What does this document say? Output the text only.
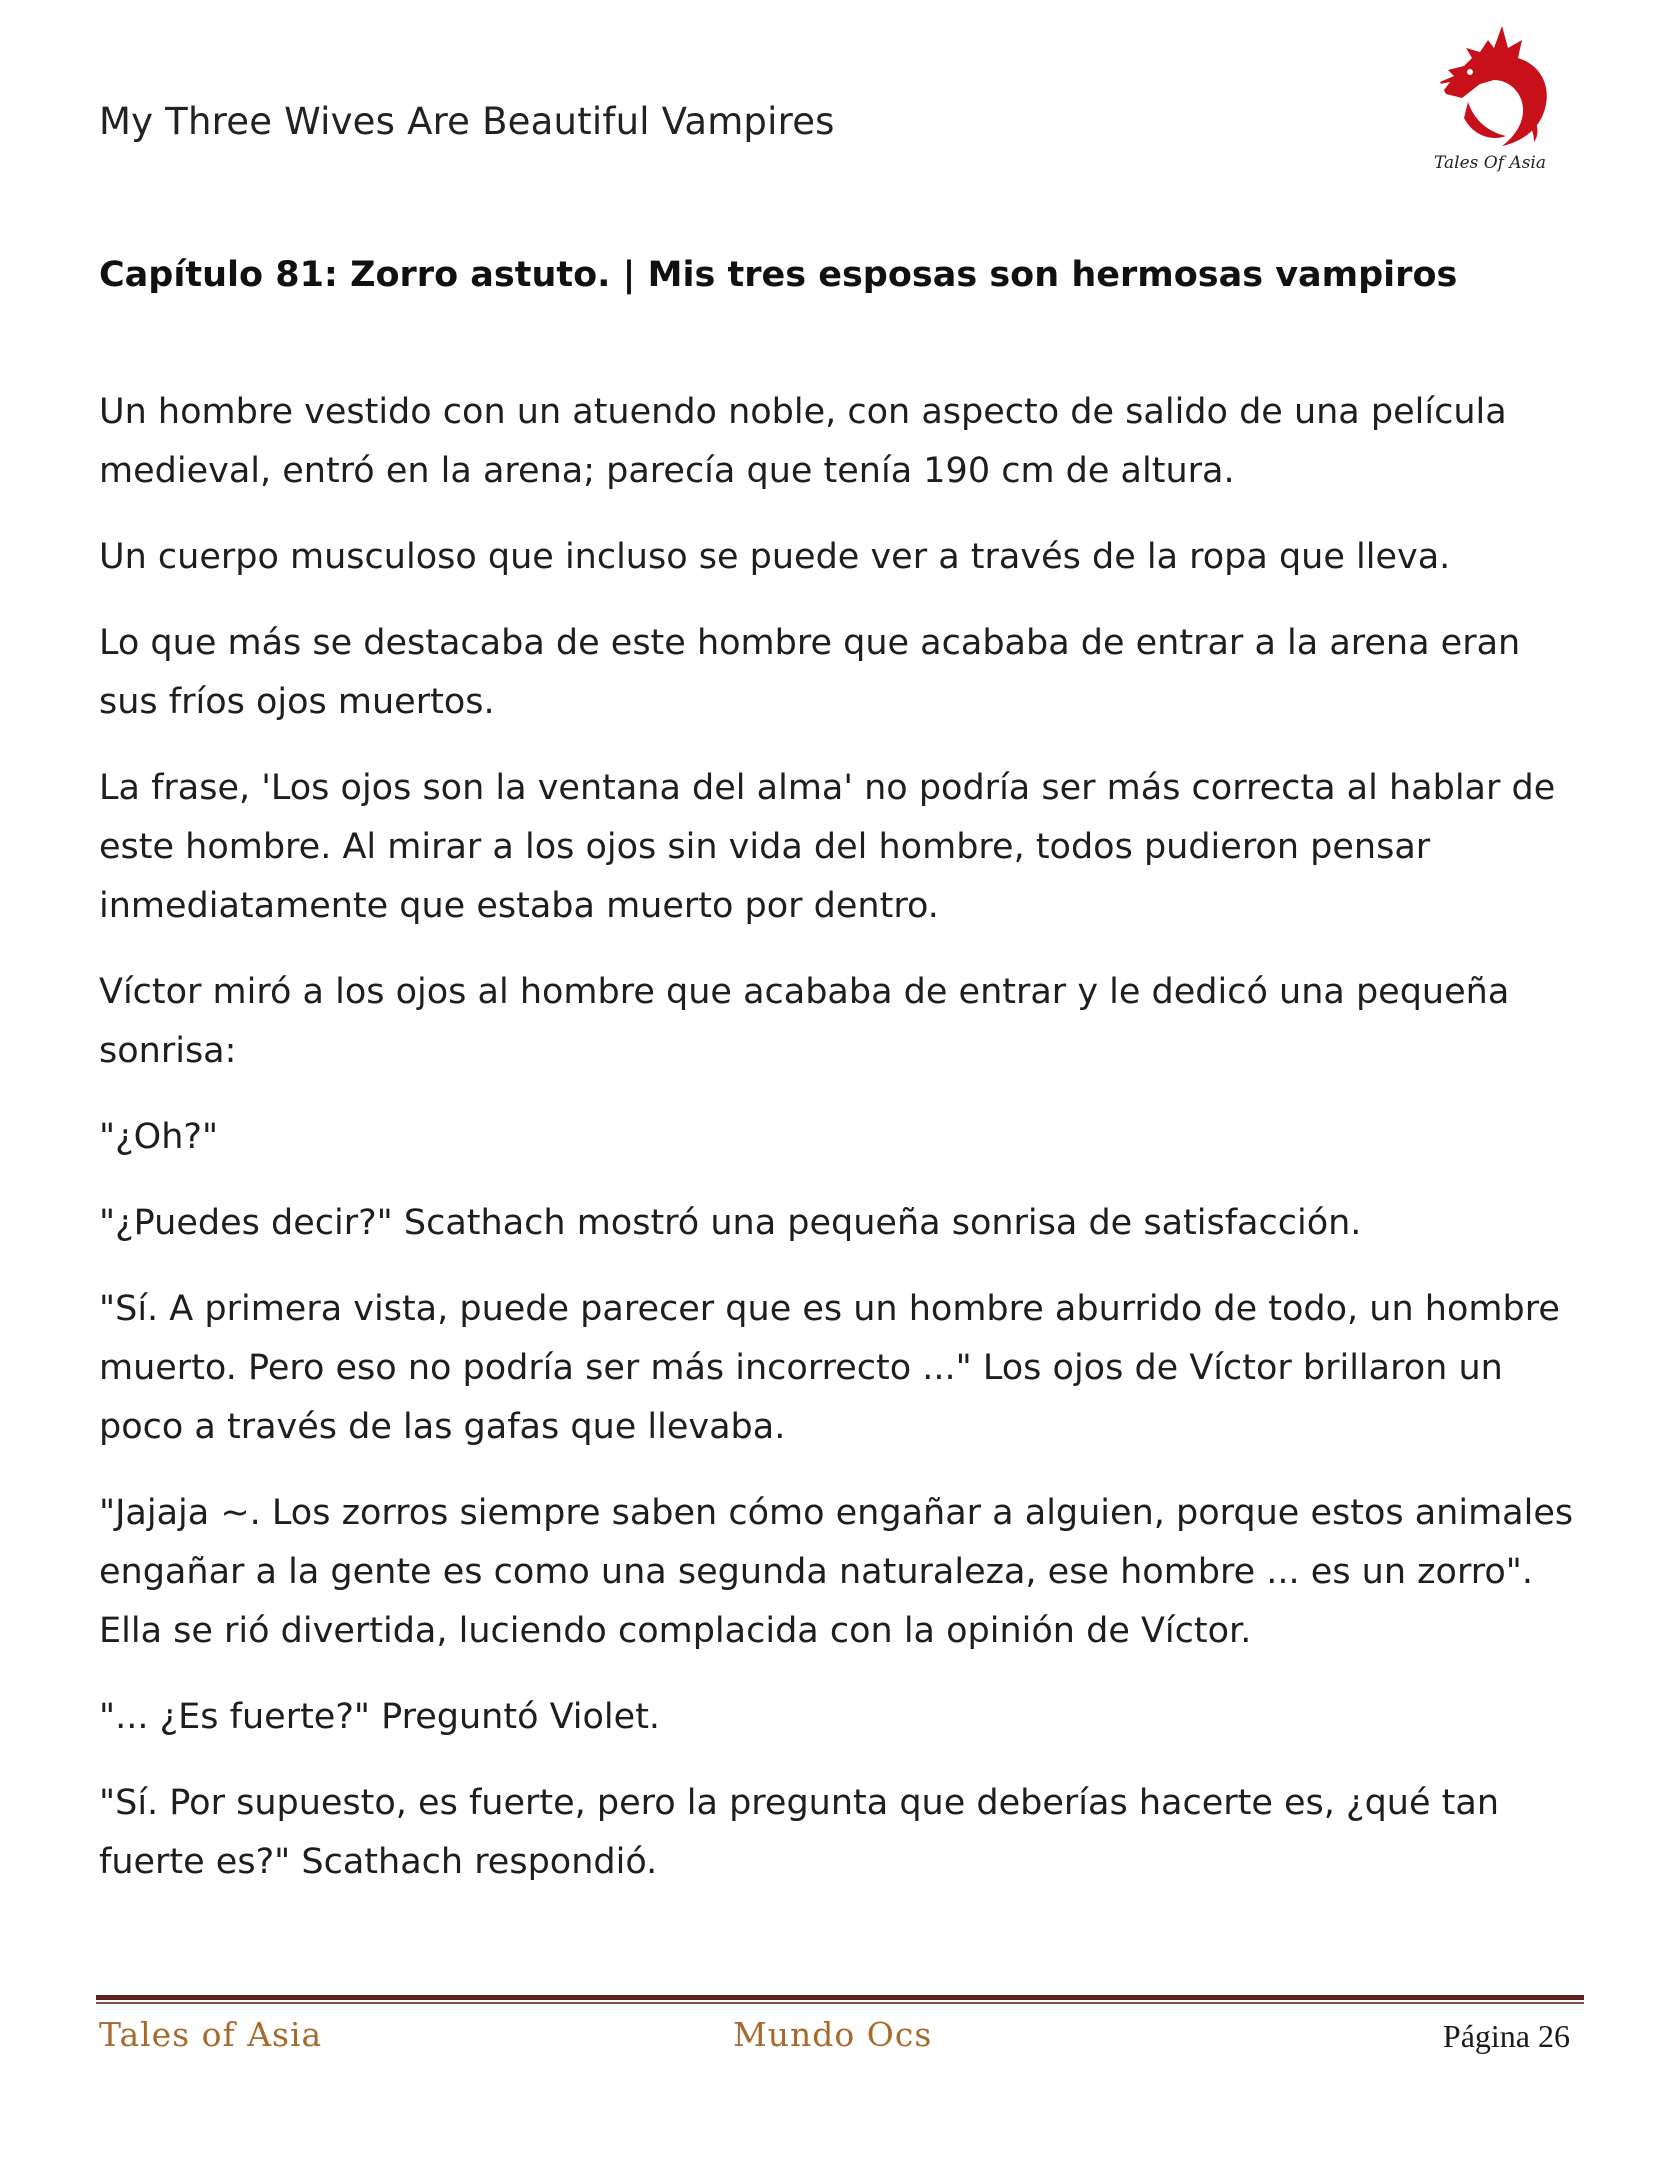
My Three Wives Are Beautiful Vampires
Tales Of Asia
Capítulo 81: Zorro astuto. | Mis tres esposas son hermosas vampiros

Un hombre vestido con un atuendo noble, con aspecto de salido de una película medieval, entró en la arena; parecía que tenía 190 cm de altura.

Un cuerpo musculoso que incluso se puede ver a través de la ropa que lleva.

Lo que más se destacaba de este hombre que acababa de entrar a la arena eran sus fríos ojos muertos.

La frase, 'Los ojos son la ventana del alma' no podría ser más correcta al hablar de este hombre. Al mirar a los ojos sin vida del hombre, todos pudieron pensar inmediatamente que estaba muerto por dentro.

Víctor miró a los ojos al hombre que acababa de entrar y le dedicó una pequeña sonrisa:

"¿Oh?"

"¿Puedes decir?" Scathach mostró una pequeña sonrisa de satisfacción.

"Sí. A primera vista, puede parecer que es un hombre aburrido de todo, un hombre muerto. Pero eso no podría ser más incorrecto ..." Los ojos de Víctor brillaron un poco a través de las gafas que llevaba.

"Jajaja ~. Los zorros siempre saben cómo engañar a alguien, porque estos animales engañar a la gente es como una segunda naturaleza, ese hombre ... es un zorro". Ella se rió divertida, luciendo complacida con la opinión de Víctor.

"... ¿Es fuerte?" Preguntó Violet.

"Sí. Por supuesto, es fuerte, pero la pregunta que deberías hacerte es, ¿qué tan fuerte es?" Scathach respondió.

Tales of Asia	Mundo Ocs	Página 26
